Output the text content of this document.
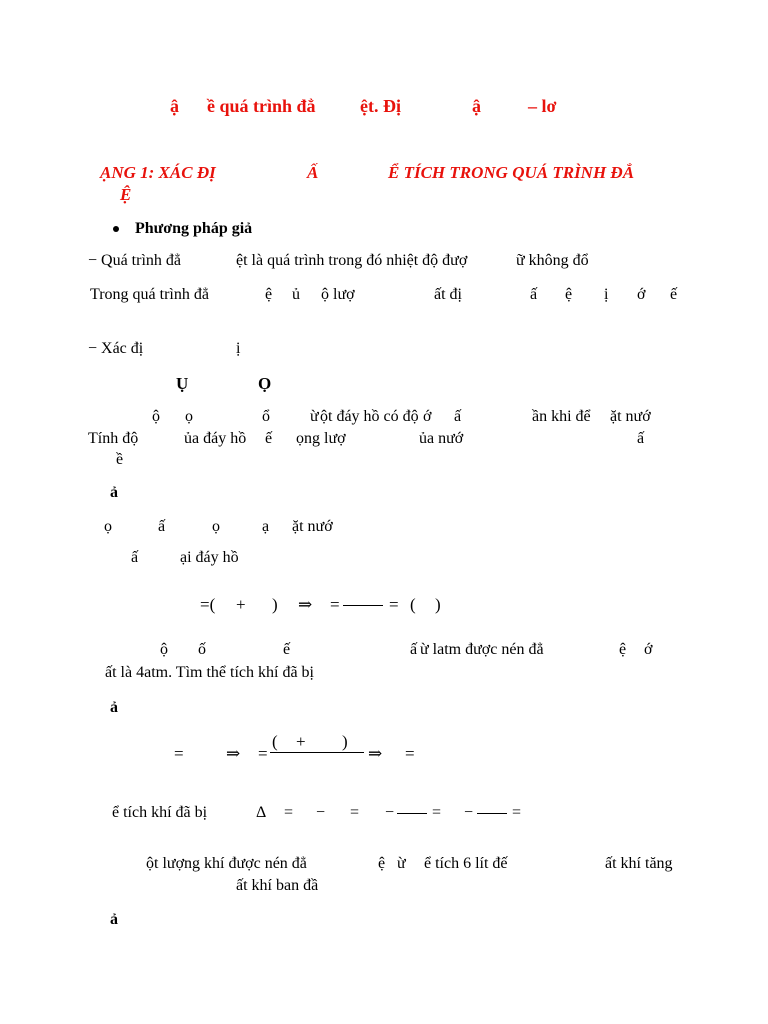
ậ ề quá trình đẳ ệt. Đị	ậ	– lơ
ẠNG 1: XÁC ĐỊ	Ấ	Ể TÍCH TRONG QUÁ TRÌNH ĐẲ
Ệ
Phương pháp giả
− Quá trình đẳ	ệt là quá trình trong đó nhiệt độ đượ	ữ không đổ
Trong quá trình đẳ	ệ ủ ộ lượ	ất đị	ấ ệ ị ớ ế
− Xác đị	ị
Ụ	Ọ
ộ ọ	ổ	ừ ột đáy hồ có độ ớ ấ	ần khi để ặt nướ
Tính độ	ủa đáy hồ ế ọng lượ	ủa nướ	ấ
ề
ả
ọ	ấ	ọ	ạ ặt nướ
ấ	ại đáy hồ
=( + ) ⇒ =	= ( )
ộ ố	ế	ấ ừ latm được nén đẳ	ệ ớ
ất là 4atm. Tìm thể tích khí đã bị
ả
= ⇒ =
( + )
⇒ =
ể tích khí đã bị	Δ = − = − = − =
ột lượng khí được nén đẳ	ệ ừ ể tích 6 lít đế	ất khí tăng
ất khí ban đầ
ả
